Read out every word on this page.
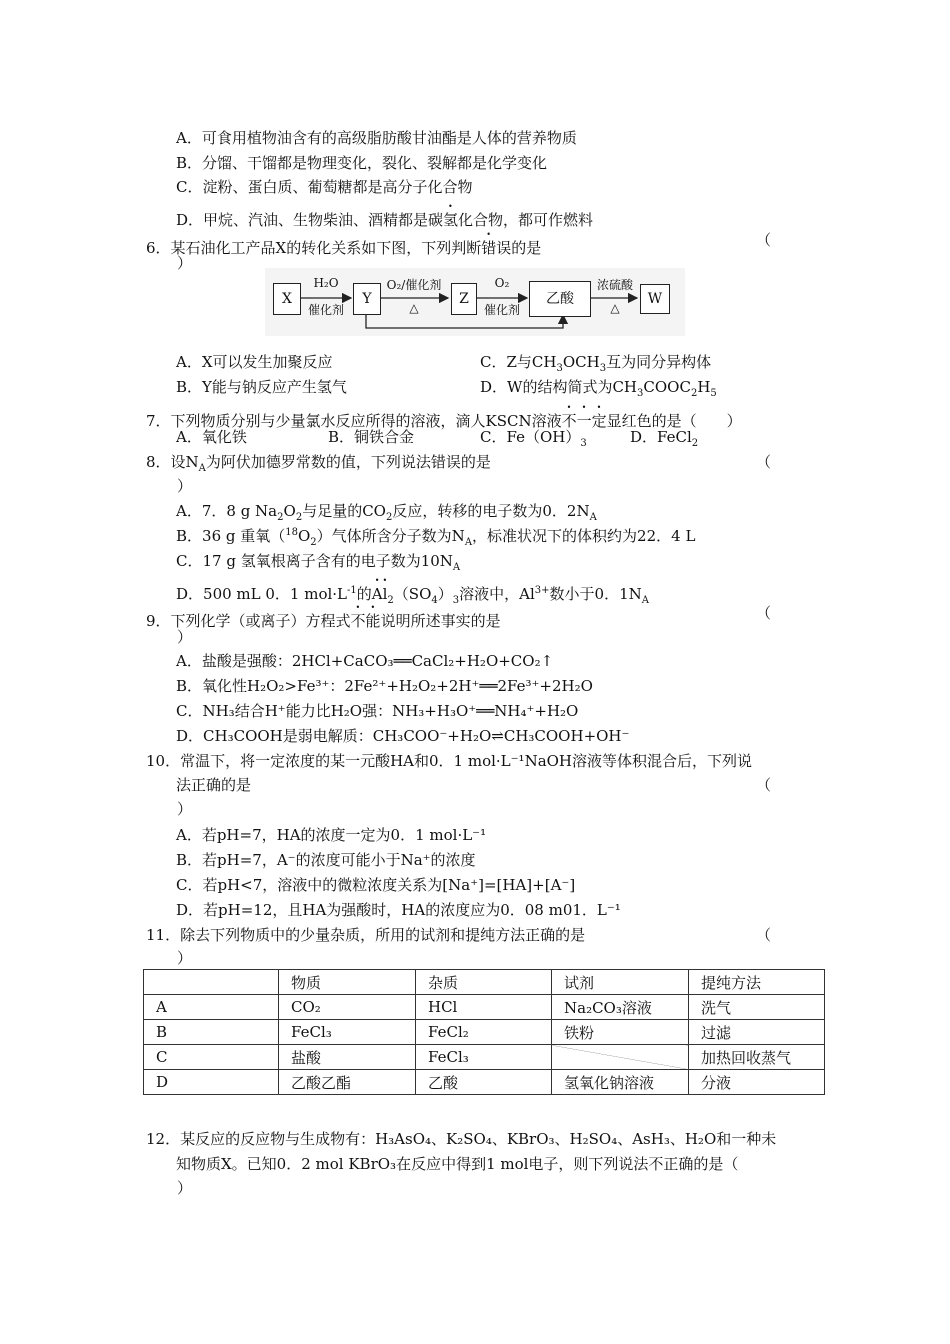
A．可食用植物油含有的高级脂肪酸甘油酯是人体的营养物质
B．分馏、干馏都是物理变化，裂化、裂解都是化学变化
C．淀粉、蛋白质、葡萄糖都是高分子化合物
D．甲烷、汽油、生物柴油、酒精都是碳氢化合物，都可作燃料
6．某石油化工产品X的转化关系如下图，下列判断错误的是	（
）
X	Y	Z	乙酸	W
H₂O
催化剂
O₂/催化剂
△
O₂
催化剂
浓硫酸
△
A．X可以发生加聚反应	C．Z与$CH_3OCH_3$互为同分异构体
B．Y能与钠反应产生氢气	D．W的结构简式为$CH_3COOC_2H_5$
7．下列物质分别与少量氯水反应所得的溶液，滴人KSCN溶液不一定显红色的是（　　）
A．氧化铁	B．铜铁合金	C．$Fe(OH)_3$	D．FeCl$_2$
8．设$N_A$为阿伏加德罗常数的值，下列说法错误的是	（
）
A．7．8 g $Na_2O_2$与足量的$CO_2$反应，转移的电子数为0．$2N_A$
B．36 g 重氧$(^{18}O_2)$气体所含分子数为$N_A$，标准状况下的体积约为22．4 L
C．17 g 氢氧根离子含有的电子数为$10N_A$
D．500 mL 0．1 $mol\cdot L^{-1}$的$Al_2(SO_4)_3$溶液中，$Al^{3+}$数小于0．$1N_A$
9．下列化学（或离子）方程式不能说明所述事实的是	（
）
A．盐酸是强酸：2HCl+CaCO₃══CaCl₂+H₂O+CO₂↑
B．氧化性H₂O₂>Fe³⁺：2Fe²⁺+H₂O₂+2H⁺══2Fe³⁺+2H₂O
C．NH₃结合H⁺能力比H₂O强：NH₃+H₃O⁺══NH₄⁺+H₂O
D．CH₃COOH是弱电解质：CH₃COO⁻+H₂O⇌CH₃COOH+OH⁻
10．常温下，将一定浓度的某一元酸HA和0．1 mol·L⁻¹NaOH溶液等体积混合后，下列说
法正确的是	（
）
A．若pH=7，HA的浓度一定为0．1 mol·L⁻¹
B．若pH=7，A⁻的浓度可能小于Na⁺的浓度
C．若pH<7，溶液中的微粒浓度关系为[Na⁺]=[HA]+[A⁻]
D．若pH=12，且HA为强酸时，HA的浓度应为0．08 m01．L⁻¹
11．除去下列物质中的少量杂质，所用的试剂和提纯方法正确的是	（
）
	物质	杂质	试剂	提纯方法
A	CO₂	HCl	Na₂CO₃溶液	洗气
B	FeCl₃	FeCl₂	铁粉	过滤
C	盐酸	FeCl₃		加热回收蒸气
D	乙酸乙酯	乙酸	氢氧化钠溶液	分液
12．某反应的反应物与生成物有：H₃AsO₄、K₂SO₄、KBrO₃、H₂SO₄、AsH₃、H₂O和一种未
知物质X。已知0．2 mol KBrO₃在反应中得到1 mol电子，则下列说法不正确的是（
）
